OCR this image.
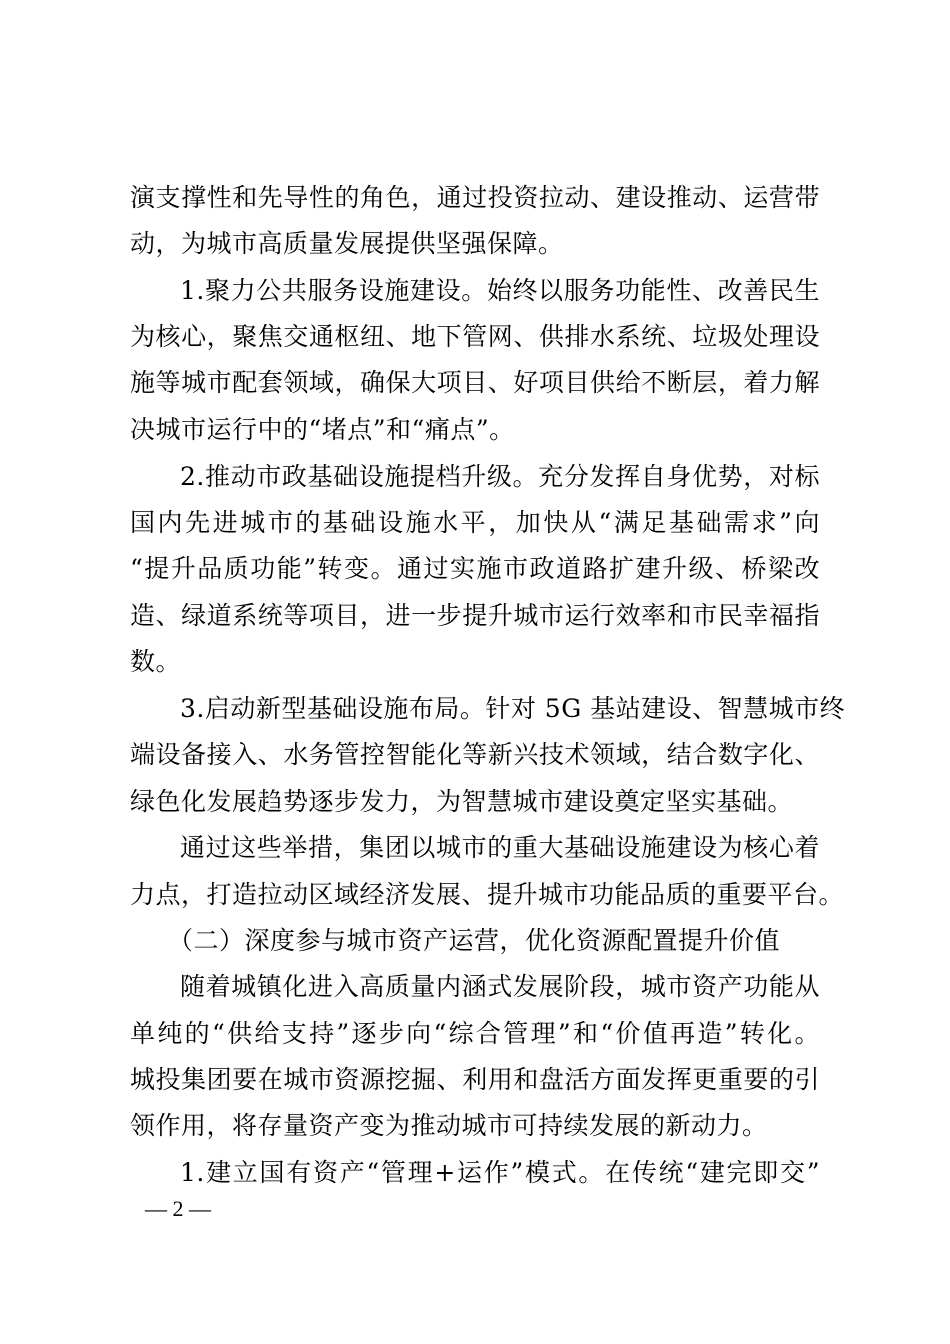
演支撑性和先导性的角色，通过投资拉动、建设推动、运营带
动，为城市高质量发展提供坚强保障。
1.聚力公共服务设施建设。始终以服务功能性、改善民生
为核心，聚焦交通枢纽、地下管网、供排水系统、垃圾处理设
施等城市配套领域，确保大项目、好项目供给不断层，着力解
决城市运行中的“堵点”和“痛点”。
2.推动市政基础设施提档升级。充分发挥自身优势，对标
国内先进城市的基础设施水平，加快从“满足基础需求”向
“提升品质功能”转变。通过实施市政道路扩建升级、桥梁改
造、绿道系统等项目，进一步提升城市运行效率和市民幸福指
数。
3.启动新型基础设施布局。针对 5G 基站建设、智慧城市终
端设备接入、水务管控智能化等新兴技术领域，结合数字化、
绿色化发展趋势逐步发力，为智慧城市建设奠定坚实基础。
通过这些举措，集团以城市的重大基础设施建设为核心着
力点，打造拉动区域经济发展、提升城市功能品质的重要平台。
（二）深度参与城市资产运营，优化资源配置提升价值
随着城镇化进入高质量内涵式发展阶段，城市资产功能从
单纯的“供给支持”逐步向“综合管理”和“价值再造”转化。
城投集团要在城市资源挖掘、利用和盘活方面发挥更重要的引
领作用，将存量资产变为推动城市可持续发展的新动力。
1.建立国有资产“管理+运作”模式。在传统“建完即交”
— 2 —
